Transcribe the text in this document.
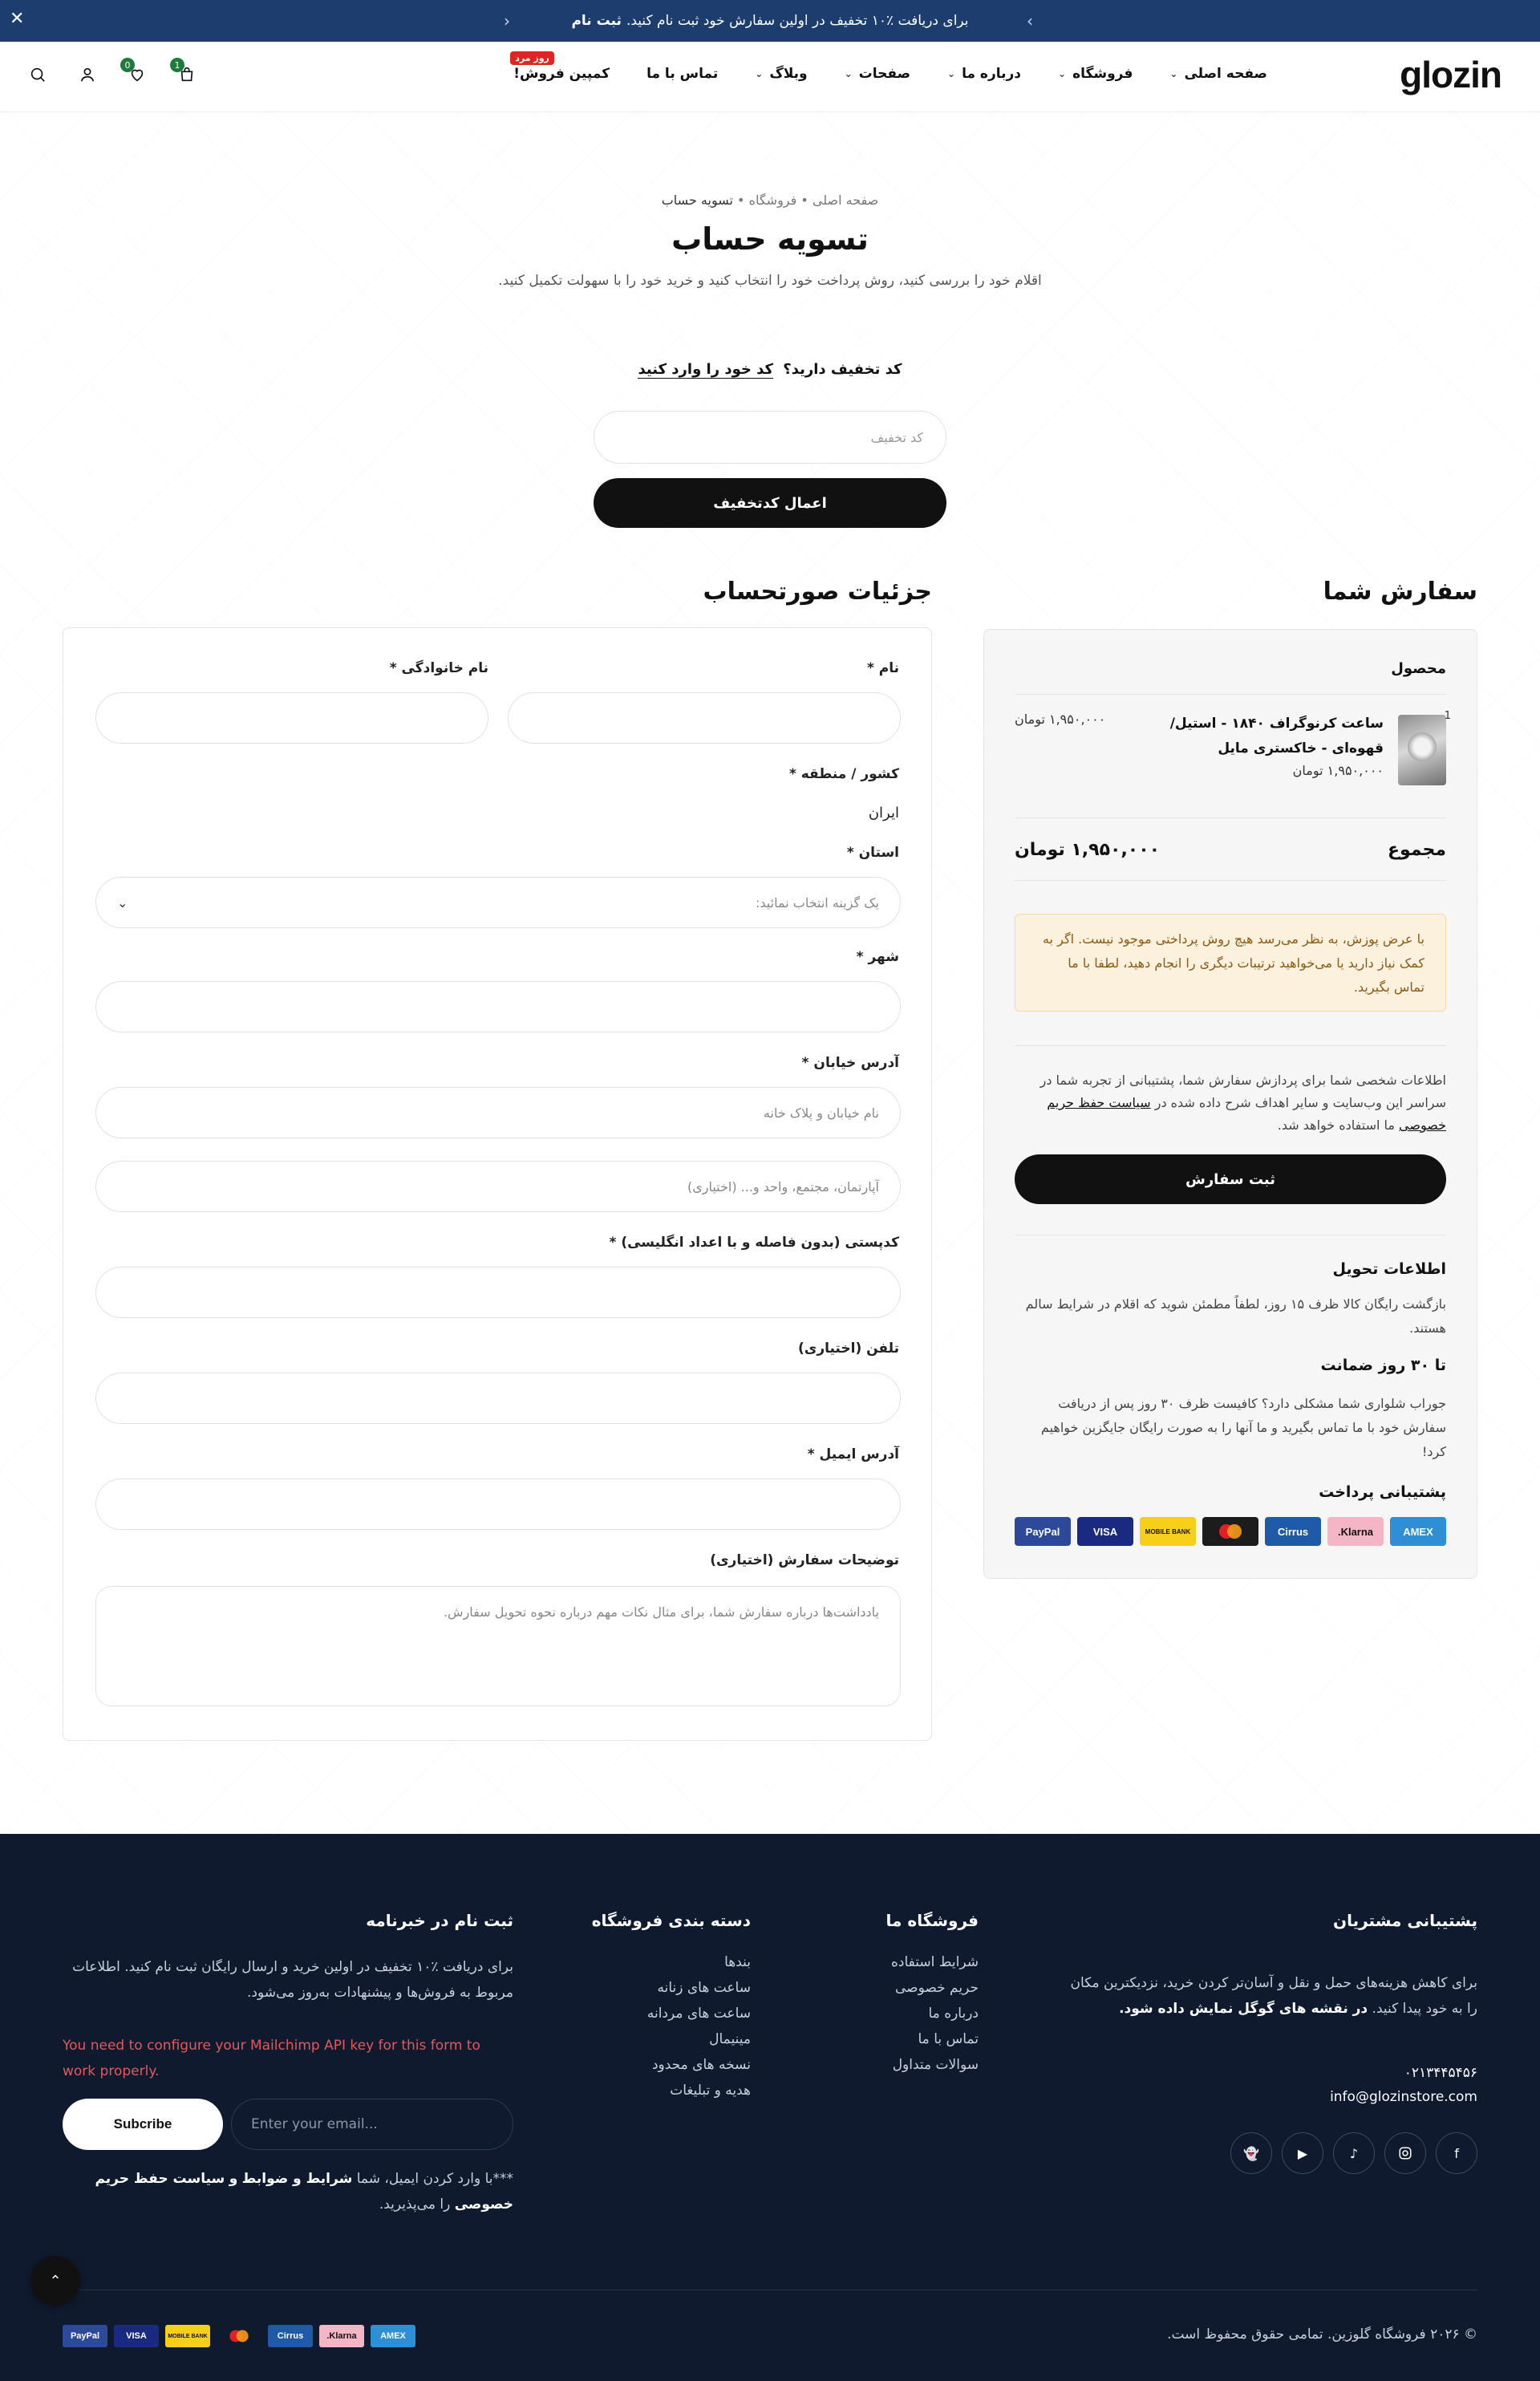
✕	‹	برای دریافت ٪۱۰ تخفیف در اولین سفارش خود ثبت نام کنید.
ثبت نام	›
glozin
صفحه اصلی
⌄
فروشگاه
⌄
درباره ما
⌄
صفحات
⌄
وبلاگ
⌄
تماس با ما
کمپین فروش!
روز مرد
1
0
صفحه اصلی • فروشگاه • تسویه حساب
تسویه حساب
اقلام خود را بررسی کنید، روش پرداخت خود را انتخاب کنید و خرید خود را با سهولت تکمیل کنید.
کد تخفیف دارید؟ کد خود را وارد کنید
کد تخفیف
اعمال کدتخفیف
سفارش شما
جزئیات صورتحساب
نام *
نام خانوادگی *
کشور / منطقه *
ایران
استان *
یک گزینه انتخاب نمائید:
⌄
شهر *
آدرس خیابان *
نام خیابان و پلاک خانه
آپارتمان، مجتمع، واحد و... (اختیاری)
کدپستی (بدون فاصله و با اعداد انگلیسی) *
تلفن (اختیاری)
آدرس ایمیل *
توضیحات سفارش (اختیاری)
یادداشت‌ها درباره سفارش شما، برای مثال نکات مهم درباره نحوه تحویل سفارش.
محصول
1
ساعت کرنوگراف ۱۸۴۰ - استیل/قهوه‌ای - خاکستری مایل
۱,۹۵۰,۰۰۰ تومان
۱,۹۵۰,۰۰۰ تومان
مجموع
۱,۹۵۰,۰۰۰ تومان
با عرض پوزش، به نظر می‌رسد هیچ روش پرداختی موجود نیست. اگر به کمک نیاز دارید یا می‌خواهید ترتیبات دیگری را انجام دهید، لطفا با ما تماس بگیرید.
اطلاعات شخصی شما برای پردازش سفارش شما، پشتیبانی از تجربه شما در سراسر این وب‌سایت و سایر اهداف شرح داده شده در سیاست حفظ حریم خصوصی ما استفاده خواهد شد.
ثبت سفارش
اطلاعات تحویل
بازگشت رایگان کالا ظرف ۱۵ روز، لطفاً مطمئن شوید که اقلام در شرایط سالم هستند.
تا ۳۰ روز ضمانت
جوراب شلواری شما مشکلی دارد؟ کافیست ظرف ۳۰ روز پس از دریافت سفارش خود با ما تماس بگیرید و ما آنها را به صورت رایگان جایگزین خواهیم کرد!
پشتیبانی پرداخت
PayPal	VISA	MOBILE BANK	Cirrus	Klarna.	AMEX
پشتیبانی مشتریان
برای کاهش هزینه‌های حمل و نقل و آسان‌تر کردن خرید، نزدیکترین مکان را به خود پیدا کنید. در نقشه های گوگل نمایش داده شود.
۰۲۱۳۴۴۵۴۵۶
info@glozinstore.com
f
♪
▶
👻
فروشگاه ما
شرایط استفاده
حریم خصوصی
درباره ما
تماس با ما
سوالات متداول
دسته بندی فروشگاه
بندها
ساعت های زنانه
ساعت های مردانه
مینیمال
نسخه های محدود
هدیه و تبلیغات
ثبت نام در خبرنامه
برای دریافت ٪۱۰ تخفیف در اولین خرید و ارسال رایگان ثبت نام کنید. اطلاعات مربوط به فروش‌ها و پیشنهادات به‌روز می‌شود.
You need to configure your Mailchimp API key for this form to work properly.
Enter your email...
Subcribe
***با وارد کردن ایمیل، شما شرایط و ضوابط و سیاست حفظ حریم خصوصی را می‌پذیرید.
© ۲۰۲۶ فروشگاه گلوزین. تمامی حقوق محفوظ است.
AMEX
Klarna.
Cirrus
MOBILE BANK
VISA
PayPal
⌃
